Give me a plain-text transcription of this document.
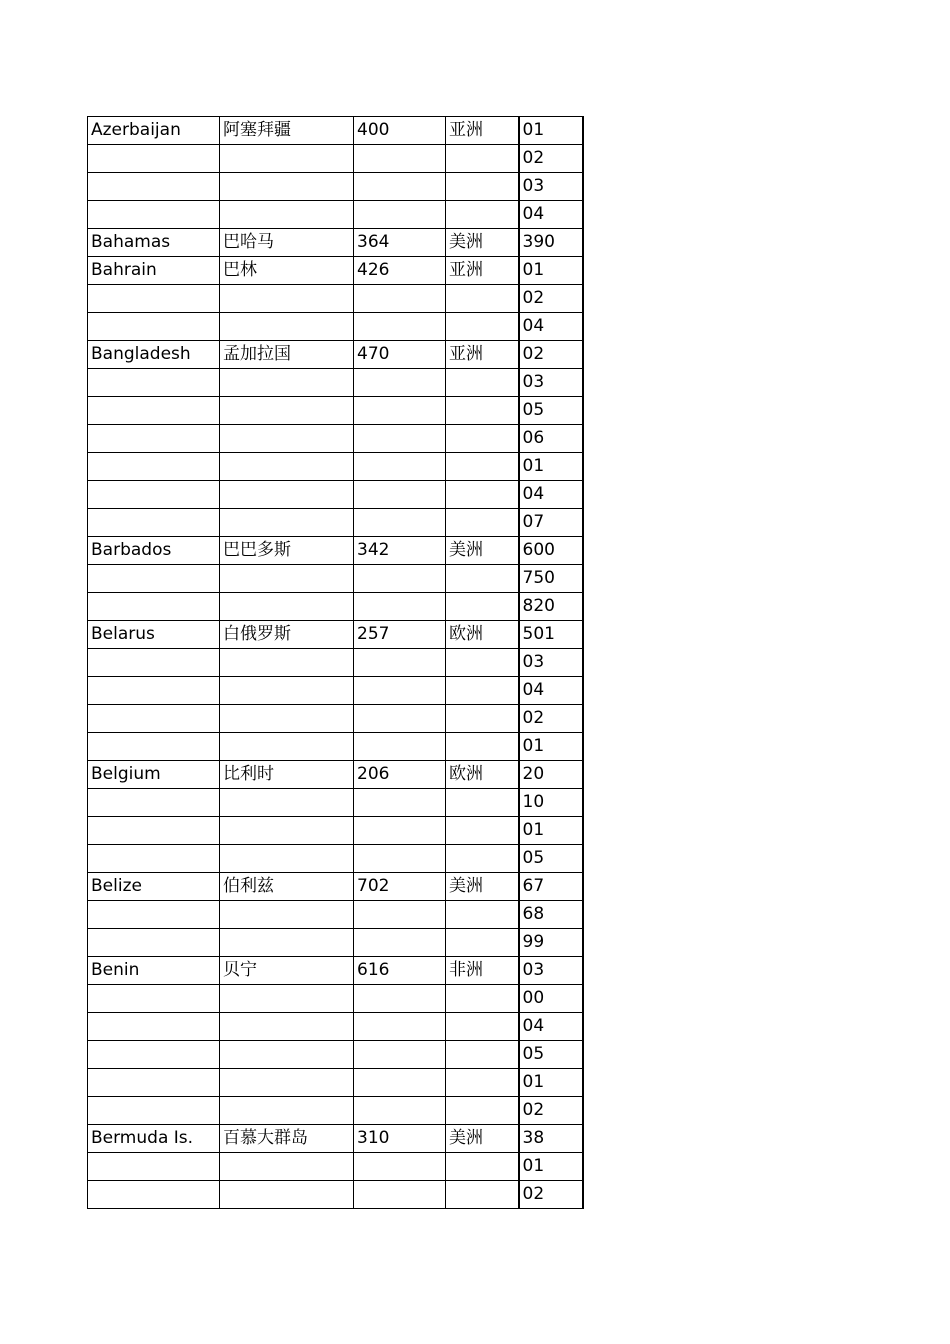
Azerbaijan	阿塞拜疆	400	亚洲	01
				02
				03
				04
Bahamas	巴哈马	364	美洲	390
Bahrain	巴林	426	亚洲	01
				02
				04
Bangladesh	孟加拉国	470	亚洲	02
				03
				05
				06
				01
				04
				07
Barbados	巴巴多斯	342	美洲	600
				750
				820
Belarus	白俄罗斯	257	欧洲	501
				03
				04
				02
				01
Belgium	比利时	206	欧洲	20
				10
				01
				05
Belize	伯利兹	702	美洲	67
				68
				99
Benin	贝宁	616	非洲	03
				00
				04
				05
				01
				02
Bermuda Is.	百慕大群岛	310	美洲	38
				01
				02
